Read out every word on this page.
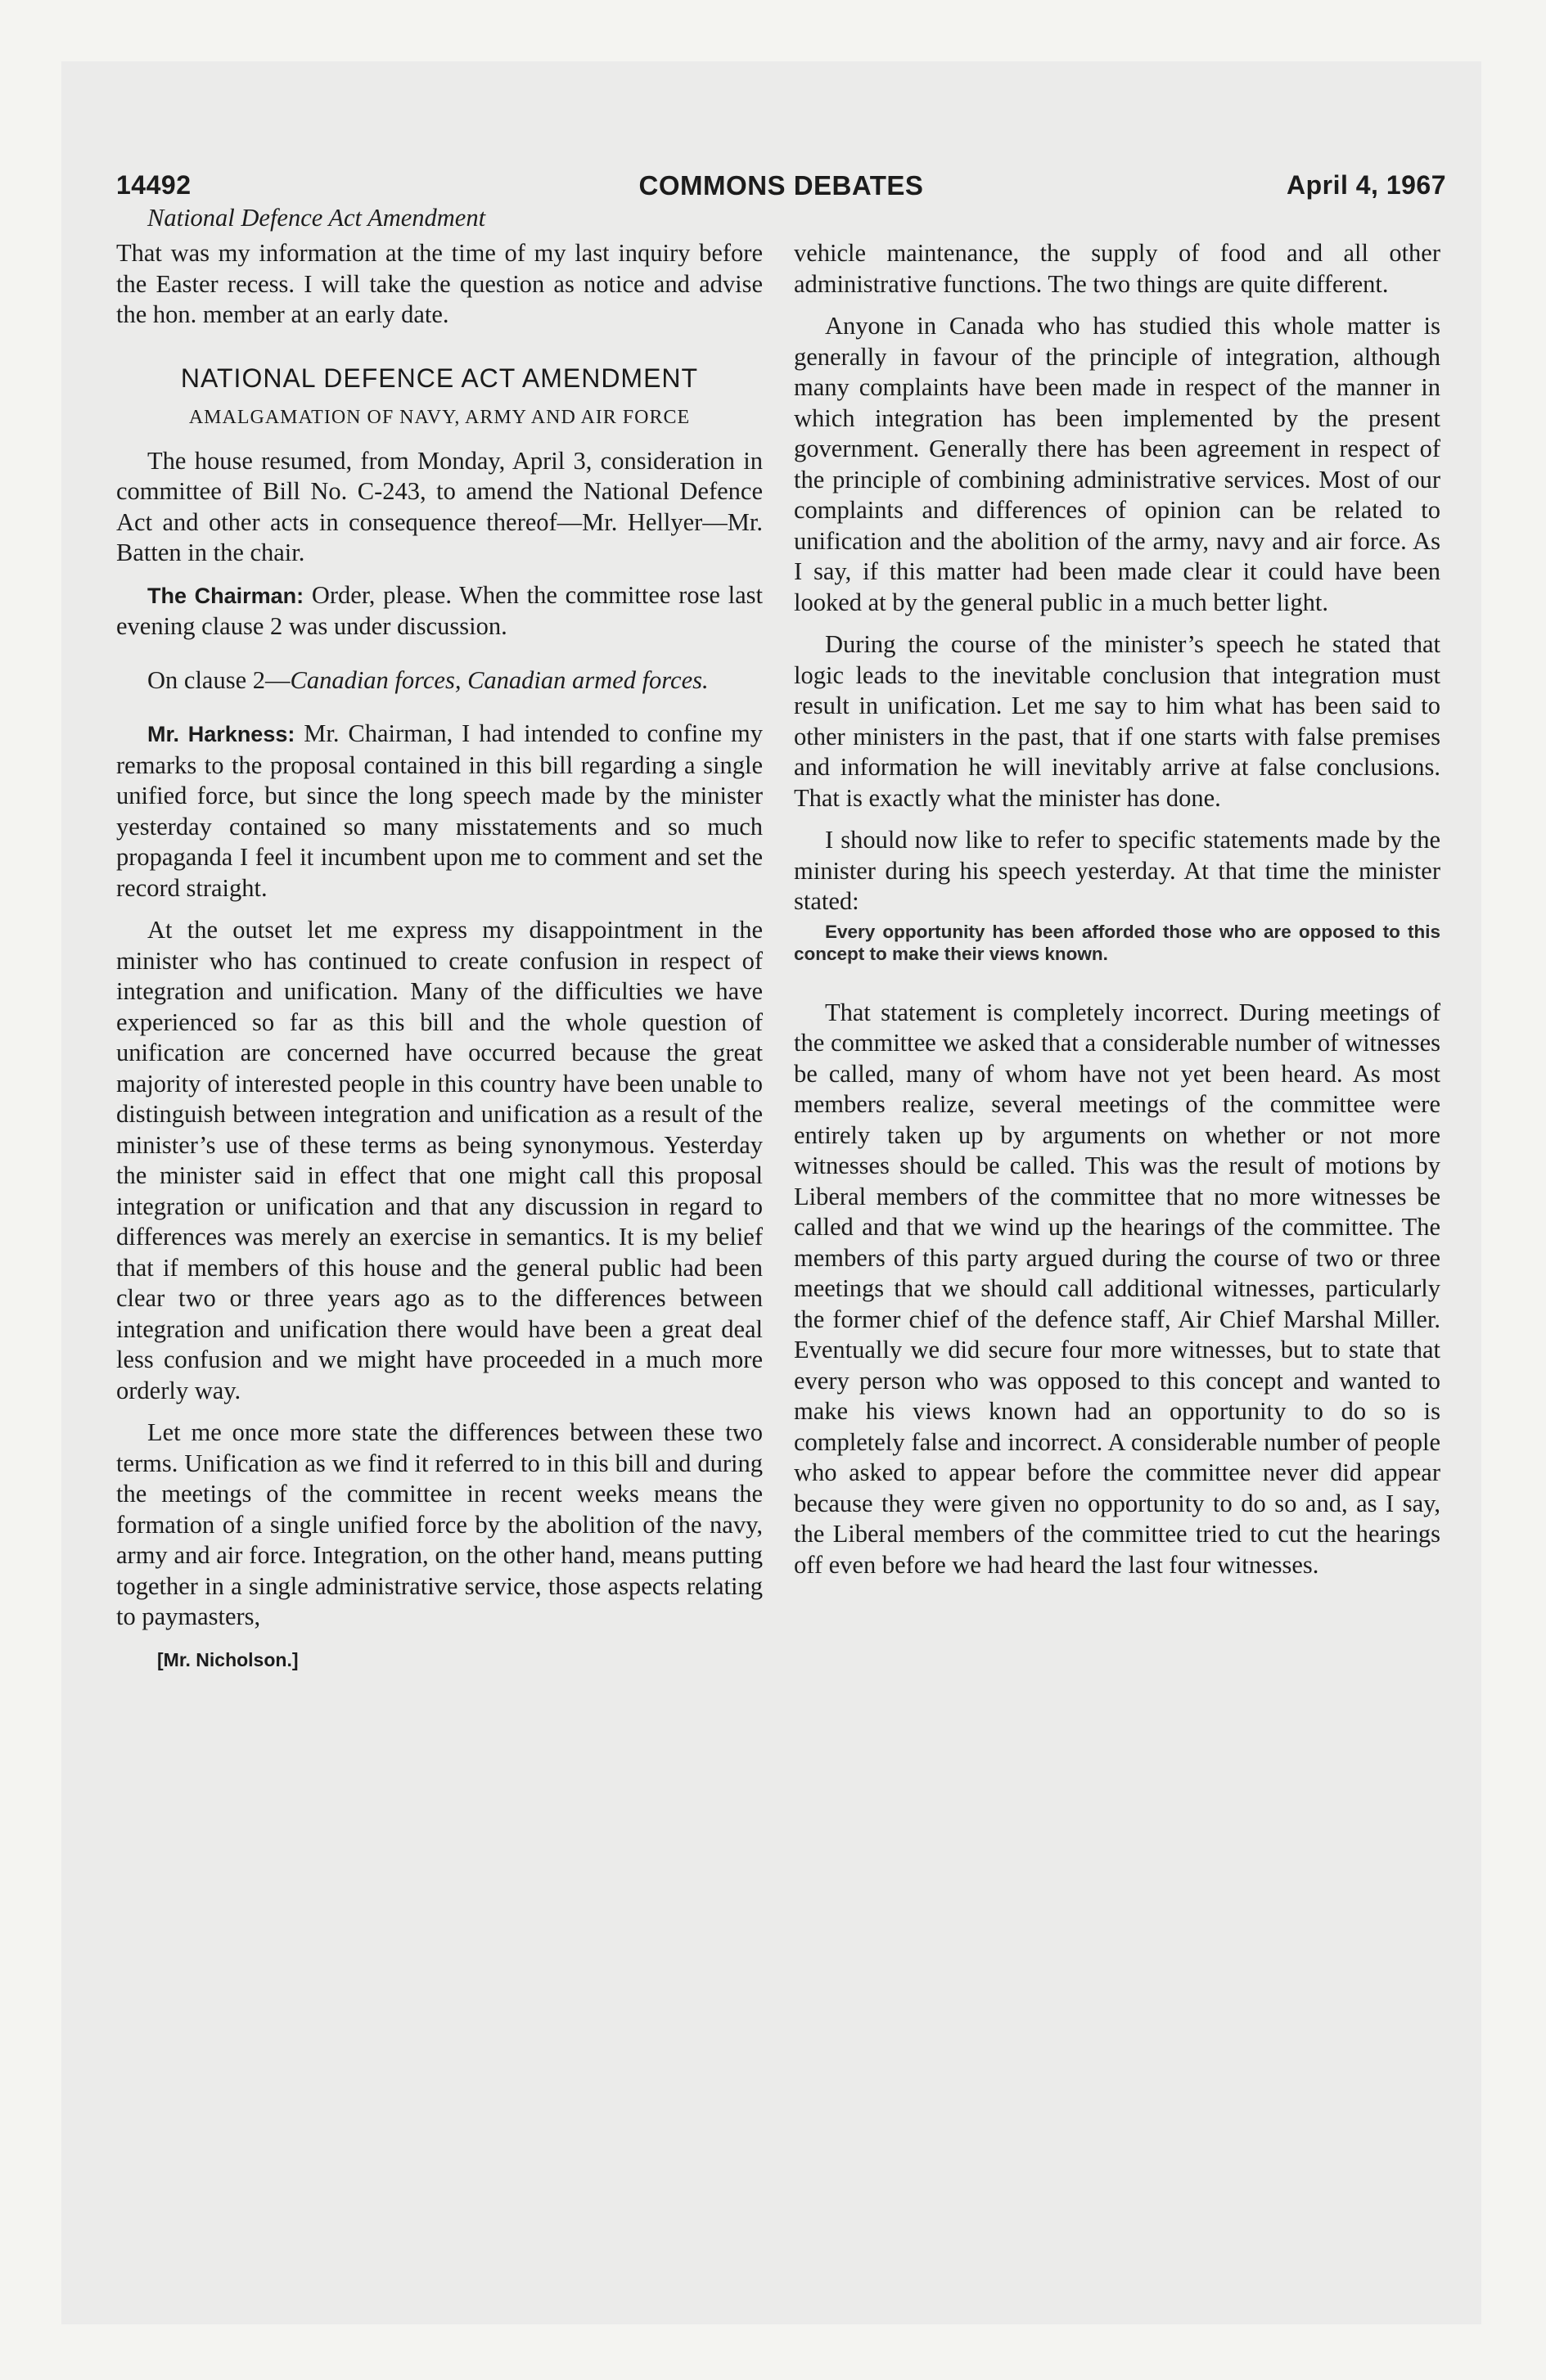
14492	COMMONS DEBATES	April 4, 1967
National Defence Act Amendment

That was my information at the time of my last inquiry before the Easter recess. I will take the question as notice and advise the hon. member at an early date.

NATIONAL DEFENCE ACT AMENDMENT
AMALGAMATION OF NAVY, ARMY AND AIR FORCE

The house resumed, from Monday, April 3, consideration in committee of Bill No. C-243, to amend the National Defence Act and other acts in consequence thereof—Mr. Hellyer—Mr. Batten in the chair.

The Chairman: Order, please. When the committee rose last evening clause 2 was under discussion.

On clause 2—Canadian forces, Canadian armed forces.

Mr. Harkness: Mr. Chairman, I had intended to confine my remarks to the proposal contained in this bill regarding a single unified force, but since the long speech made by the minister yesterday contained so many misstatements and so much propaganda I feel it incumbent upon me to comment and set the record straight.

At the outset let me express my disappointment in the minister who has continued to create confusion in respect of integration and unification. Many of the difficulties we have experienced so far as this bill and the whole question of unification are concerned have occurred because the great majority of interested people in this country have been unable to distinguish between integration and unification as a result of the minister’s use of these terms as being synonymous. Yesterday the minister said in effect that one might call this proposal integration or unification and that any discussion in regard to differences was merely an exercise in semantics. It is my belief that if members of this house and the general public had been clear two or three years ago as to the differences between integration and unification there would have been a great deal less confusion and we might have proceeded in a much more orderly way.

Let me once more state the differences between these two terms. Unification as we find it referred to in this bill and during the meetings of the committee in recent weeks means the formation of a single unified force by the abolition of the navy, army and air force. Integration, on the other hand, means putting together in a single administrative service, those aspects relating to paymasters,

[Mr. Nicholson.]

vehicle maintenance, the supply of food and all other administrative functions. The two things are quite different.

Anyone in Canada who has studied this whole matter is generally in favour of the principle of integration, although many complaints have been made in respect of the manner in which integration has been implemented by the present government. Generally there has been agreement in respect of the principle of combining administrative services. Most of our complaints and differences of opinion can be related to unification and the abolition of the army, navy and air force. As I say, if this matter had been made clear it could have been looked at by the general public in a much better light.

During the course of the minister’s speech he stated that logic leads to the inevitable conclusion that integration must result in unification. Let me say to him what has been said to other ministers in the past, that if one starts with false premises and information he will inevitably arrive at false conclusions. That is exactly what the minister has done.

I should now like to refer to specific statements made by the minister during his speech yesterday. At that time the minister stated:

Every opportunity has been afforded those who are opposed to this concept to make their views known.

That statement is completely incorrect. During meetings of the committee we asked that a considerable number of witnesses be called, many of whom have not yet been heard. As most members realize, several meetings of the committee were entirely taken up by arguments on whether or not more witnesses should be called. This was the result of motions by Liberal members of the committee that no more witnesses be called and that we wind up the hearings of the committee. The members of this party argued during the course of two or three meetings that we should call additional witnesses, particularly the former chief of the defence staff, Air Chief Marshal Miller. Eventually we did secure four more witnesses, but to state that every person who was opposed to this concept and wanted to make his views known had an opportunity to do so is completely false and incorrect. A considerable number of people who asked to appear before the committee never did appear because they were given no opportunity to do so and, as I say, the Liberal members of the committee tried to cut the hearings off even before we had heard the last four witnesses.
